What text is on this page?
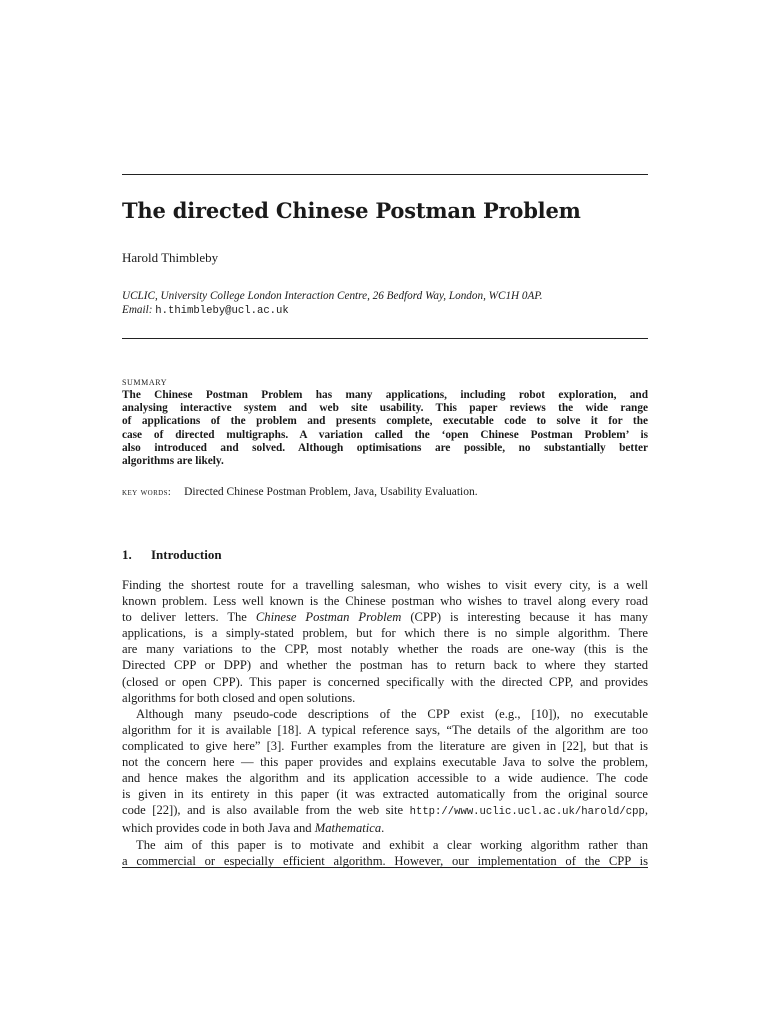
The directed Chinese Postman Problem
Harold Thimbleby
UCLIC, University College London Interaction Centre, 26 Bedford Way, London, WC1H 0AP.
Email: h.thimbleby@ucl.ac.uk
summary
The Chinese Postman Problem has many applications, including robot exploration, and
analysing interactive system and web site usability. This paper reviews the wide range
of applications of the problem and presents complete, executable code to solve it for the
case of directed multigraphs. A variation called the ‘open Chinese Postman Problem’ is
also introduced and solved. Although optimisations are possible, no substantially better
algorithms are likely.
key words: Directed Chinese Postman Problem, Java, Usability Evaluation.
1. Introduction
Finding the shortest route for a travelling salesman, who wishes to visit every city, is a well
known problem. Less well known is the Chinese postman who wishes to travel along every road
to deliver letters. The Chinese Postman Problem (CPP) is interesting because it has many
applications, is a simply-stated problem, but for which there is no simple algorithm. There
are many variations to the CPP, most notably whether the roads are one-way (this is the
Directed CPP or DPP) and whether the postman has to return back to where they started
(closed or open CPP). This paper is concerned specifically with the directed CPP, and provides
algorithms for both closed and open solutions.
Although many pseudo-code descriptions of the CPP exist (e.g., [10]), no executable
algorithm for it is available [18]. A typical reference says, “The details of the algorithm are too
complicated to give here” [3]. Further examples from the literature are given in [22], but that is
not the concern here — this paper provides and explains executable Java to solve the problem,
and hence makes the algorithm and its application accessible to a wide audience. The code
is given in its entirety in this paper (it was extracted automatically from the original source
code [22]), and is also available from the web site http://www.uclic.ucl.ac.uk/harold/cpp,
which provides code in both Java and Mathematica.
The aim of this paper is to motivate and exhibit a clear working algorithm rather than
a commercial or especially efficient algorithm. However, our implementation of the CPP is
